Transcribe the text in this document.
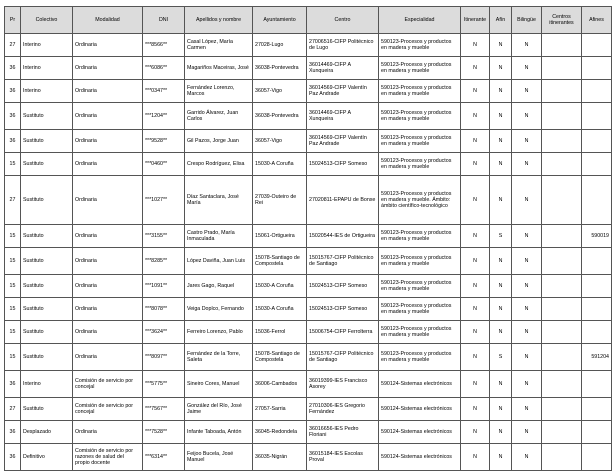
Pr	Colectivo	Modalidad	DNI	Apellidos y nombre	Ayuntamiento	Centro	Especialidad	Itinerante	Afín	Bilingüe	Centros itinerantes	Afines
27	Interino	Ordinaria	***8566**	Casal López, María Carmen	27028-Lugo	27006516-CIFP Politécnico de Lugo	590123-Procesos y productos en madera y mueble	N	N	N		
36	Interino	Ordinaria	***6086**	Magariños Maceiras, José	36038-Pontevedra	36014469-CIFP A Xunqueira	590123-Procesos y productos en madera y mueble	N	N	N		
36	Interino	Ordinaria	***0347**	Fernández Lorenzo, Marcos	36057-Vigo	36014569-CIFP Valentín Paz Andrade	590123-Procesos y productos en madera y mueble	N	N	N		
36	Sustituto	Ordinaria	***1204**	Garrido Álvarez, Juan Carlos	36038-Pontevedra	36014469-CIFP A Xunqueira	590123-Procesos y productos en madera y mueble	N	N	N		
36	Sustituto	Ordinaria	***9528**	Gil Pazos, Jorge Juan	36057-Vigo	36014569-CIFP Valentín Paz Andrade	590123-Procesos y productos en madera y mueble	N	N	N		
15	Sustituto	Ordinaria	***0460**	Crespo Rodríguez, Elisa	15030-A Coruña	15024513-CIFP Someso	590123-Procesos y productos en madera y mueble	N	N	N		
27	Sustituto	Ordinaria	***1027**	Díaz Santaclara, José María	27039-Outeiro de Rei	27020811-EPAPU de Bonxe	590123-Procesos y productos en madera y mueble. Ámbito: ámbito científico-tecnológico	N	N	N		
15	Sustituto	Ordinaria	***3155**	Castro Prado, María Inmaculada	15061-Ortigueira	15020544-IES de Ortigueira	590123-Procesos y productos en madera y mueble	N	S	N		590019
15	Sustituto	Ordinaria	***8285**	López Daviña, Juan Luis	15078-Santiago de Compostela	15015767-CIFP Politécnico de Santiago	590123-Procesos y productos en madera y mueble	N	N	N		
15	Sustituto	Ordinaria	***1091**	Jares Gago, Raquel	15030-A Coruña	15024513-CIFP Someso	590123-Procesos y productos en madera y mueble	N	N	N		
15	Sustituto	Ordinaria	***8078**	Veiga Doplco, Fernando	15030-A Coruña	15024513-CIFP Someso	590123-Procesos y productos en madera y mueble	N	N	N		
15	Sustituto	Ordinaria	***3624**	Ferreiro Lorenzo, Pablo	15036-Ferrol	15006754-CIFP Ferrolterra	590123-Procesos y productos en madera y mueble	N	N	N		
15	Sustituto	Ordinaria	***8097**	Fernández de la Torre, Saleta	15078-Santiago de Compostela	15015767-CIFP Politécnico de Santiago	590123-Procesos y productos en madera y mueble	N	S	N		591204
36	Interino	Comisión de servicio por concejal	***5775**	Sineiro Cores, Manuel	36006-Cambados	36019399-IES Francisco Asorey	590124-Sistemas electrónicos	N	N	N		
27	Sustituto	Comisión de servicio por concejal	***7567**	González del Río, José Jaime	27057-Sarria	27010306-IES Gregorio Fernández	590124-Sistemas electrónicos	N	N	N		
36	Desplazado	Ordinaria	***7528**	Infante Taboada, Antón	36045-Redondela	36016656-IES Pedro Floriani	590124-Sistemas electrónicos	N	N	N		
36	Definitivo	Comisión de servicio por razones de salud del propio docente	***6314**	Feijoo Bucela, José Manuel	36035-Nigrán	36015184-IES Escolas Proval	590124-Sistemas electrónicos	N	N	N		
